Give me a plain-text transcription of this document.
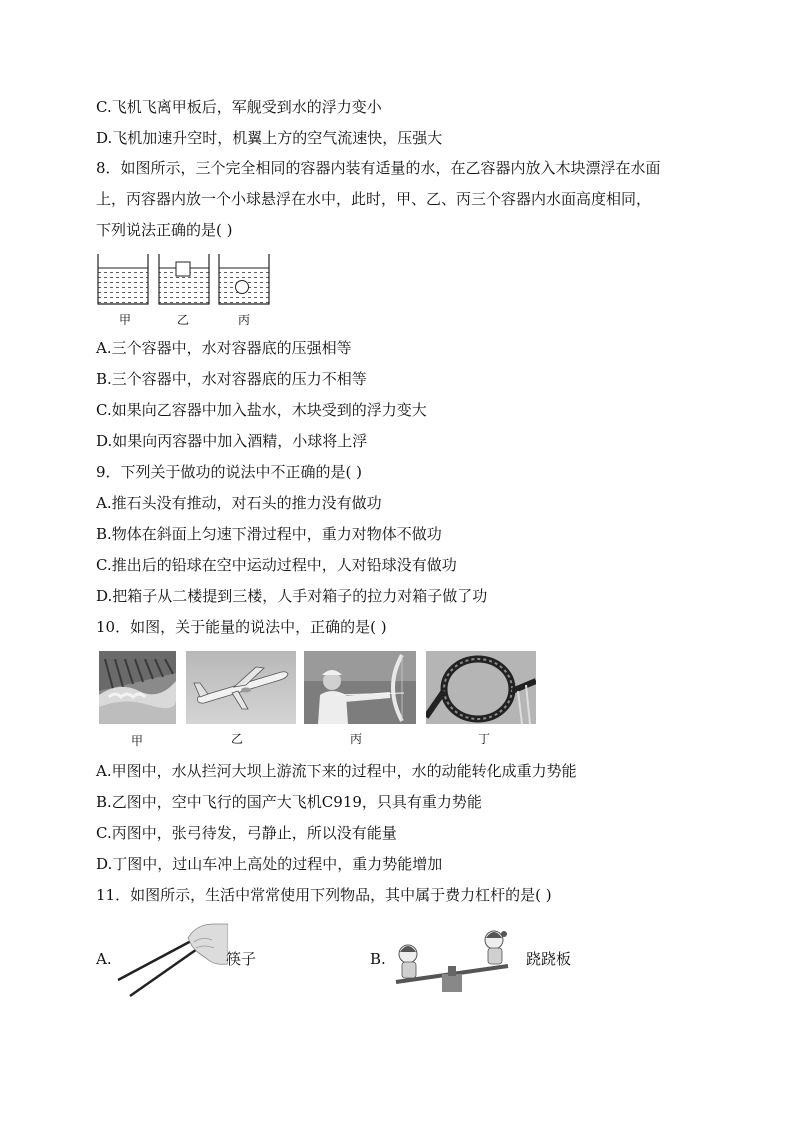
C.飞机飞离甲板后，军舰受到水的浮力变小
D.飞机加速升空时，机翼上方的空气流速快，压强大
8．如图所示，三个完全相同的容器内装有适量的水，在乙容器内放入木块漂浮在水面
上，丙容器内放一个小球悬浮在水中，此时，甲、乙、丙三个容器内水面高度相同，
下列说法正确的是( )
甲	乙	丙
A.三个容器中，水对容器底的压强相等
B.三个容器中，水对容器底的压力不相等
C.如果向乙容器中加入盐水，木块受到的浮力变大
D.如果向丙容器中加入酒精，小球将上浮
9．下列关于做功的说法中不正确的是( )
A.推石头没有推动，对石头的推力没有做功
B.物体在斜面上匀速下滑过程中，重力对物体不做功
C.推出后的铅球在空中运动过程中，人对铅球没有做功
D.把箱子从二楼提到三楼，人手对箱子的拉力对箱子做了功
10．如图，关于能量的说法中，正确的是( )
甲	乙	丙	丁
A.甲图中，水从拦河大坝上游流下来的过程中，水的动能转化成重力势能
B.乙图中，空中飞行的国产大飞机C919，只具有重力势能
C.丙图中，张弓待发，弓静止，所以没有能量
D.丁图中，过山车冲上高处的过程中，重力势能增加
11．如图所示，生活中常常使用下列物品，其中属于费力杠杆的是( )
A.	筷子	B.	跷跷板
